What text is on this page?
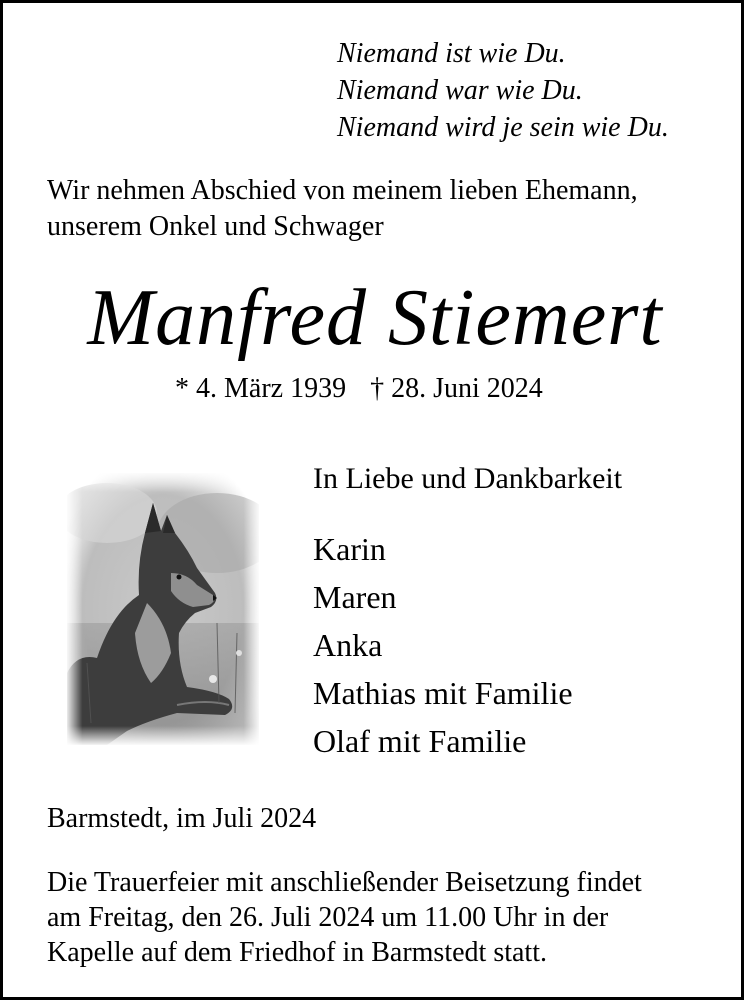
Niemand ist wie Du.
Niemand war wie Du.
Niemand wird je sein wie Du.
Wir nehmen Abschied von meinem lieben Ehemann,
unserem Onkel und Schwager
Manfred Stiemert
* 4. März 1939 † 28. Juni 2024
In Liebe und Dankbarkeit
Karin
Maren
Anka
Mathias mit Familie
Olaf mit Familie
Barmstedt, im Juli 2024
Die Trauerfeier mit anschließender Beisetzung findet
am Freitag, den 26. Juli 2024 um 11.00 Uhr in der
Kapelle auf dem Friedhof in Barmstedt statt.
